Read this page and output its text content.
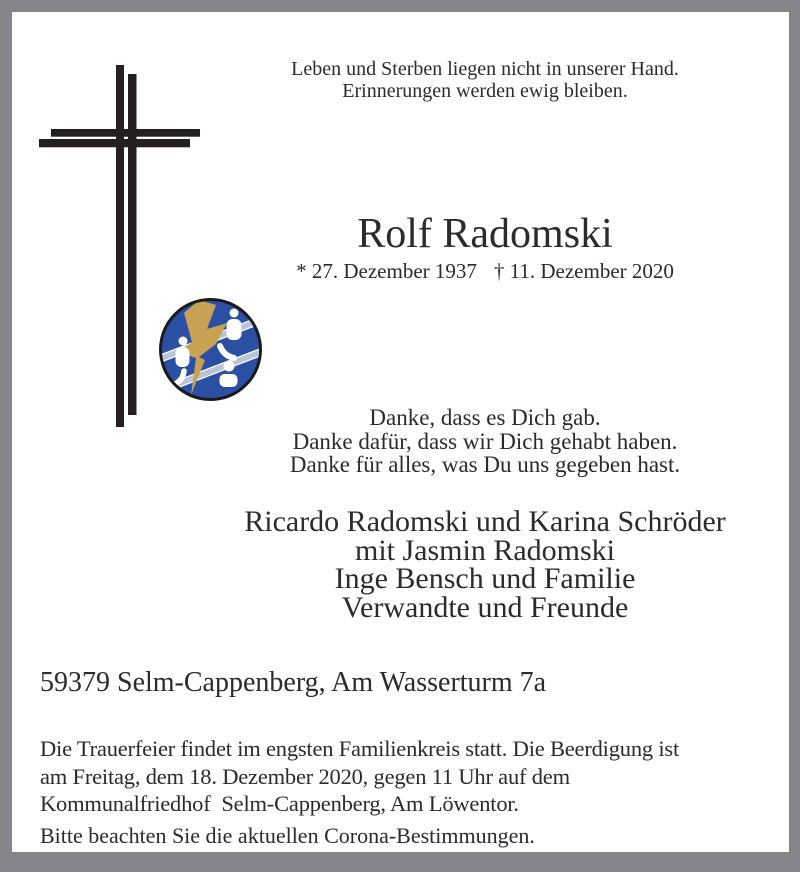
Leben und Sterben liegen nicht in unserer Hand.
Erinnerungen werden ewig bleiben.
Rolf Radomski
* 27. Dezember 1937 † 11. Dezember 2020
Danke, dass es Dich gab.
Danke dafür, dass wir Dich gehabt haben.
Danke für alles, was Du uns gegeben hast.
Ricardo Radomski und Karina Schröder
mit Jasmin Radomski
Inge Bensch und Familie
Verwandte und Freunde
59379 Selm-Cappenberg, Am Wasserturm 7a
Die Trauerfeier findet im engsten Familienkreis statt. Die Beerdigung ist
am Freitag, dem 18. Dezember 2020, gegen 11 Uhr auf dem
Kommunalfriedhof  Selm-Cappenberg, Am Löwentor.
Bitte beachten Sie die aktuellen Corona-Bestimmungen.
